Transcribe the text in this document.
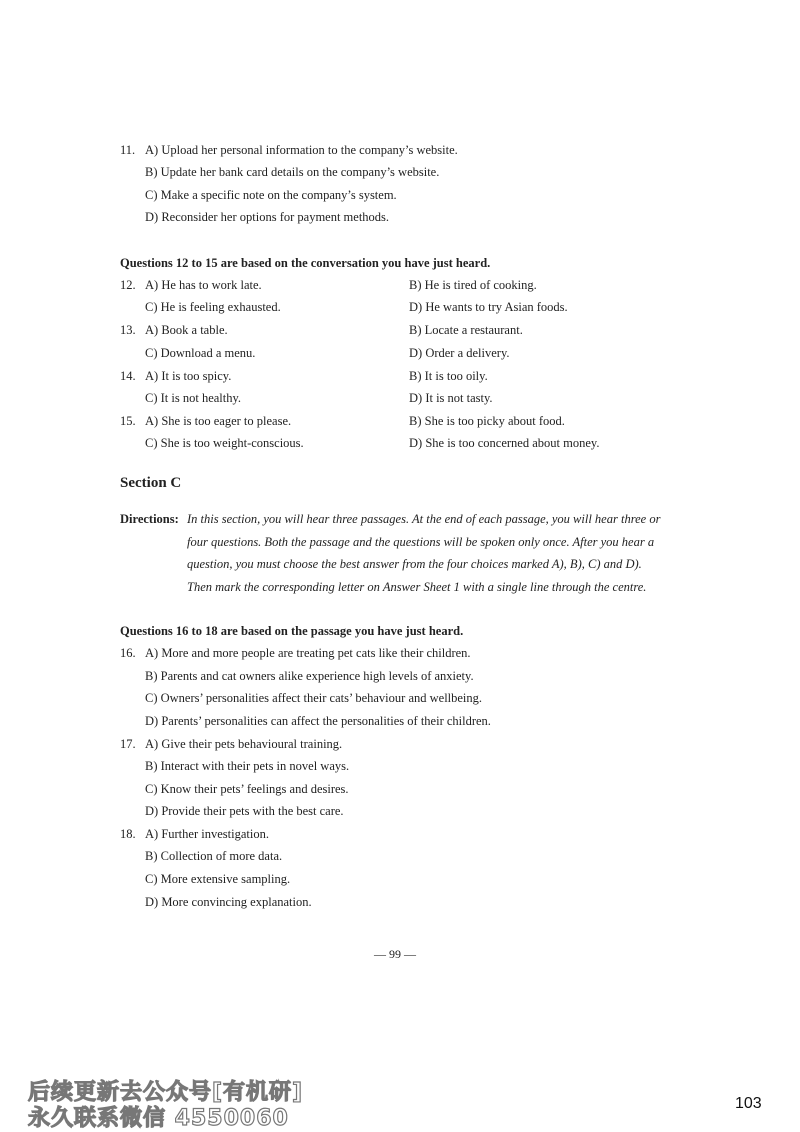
11. A) Upload her personal information to the company’s website.
B) Update her bank card details on the company’s website.
C) Make a specific note on the company’s system.
D) Reconsider her options for payment methods.
Questions 12 to 15 are based on the conversation you have just heard.
12. A) He has to work late.	B) He is tired of cooking.
C) He is feeling exhausted.	D) He wants to try Asian foods.
13. A) Book a table.	B) Locate a restaurant.
C) Download a menu.	D) Order a delivery.
14. A) It is too spicy.	B) It is too oily.
C) It is not healthy.	D) It is not tasty.
15. A) She is too eager to please.	B) She is too picky about food.
C) She is too weight-conscious.	D) She is too concerned about money.
Section C
Directions: In this section, you will hear three passages. At the end of each passage, you will hear three or
four questions. Both the passage and the questions will be spoken only once. After you hear a
question, you must choose the best answer from the four choices marked A), B), C) and D).
Then mark the corresponding letter on Answer Sheet 1 with a single line through the centre.
Questions 16 to 18 are based on the passage you have just heard.
16. A) More and more people are treating pet cats like their children.
B) Parents and cat owners alike experience high levels of anxiety.
C) Owners’ personalities affect their cats’ behaviour and wellbeing.
D) Parents’ personalities can affect the personalities of their children.
17. A) Give their pets behavioural training.
B) Interact with their pets in novel ways.
C) Know their pets’ feelings and desires.
D) Provide their pets with the best care.
18. A) Further investigation.
B) Collection of more data.
C) More extensive sampling.
D) More convincing explanation.
— 99 —
后续更新去公众号[有机研]
永久联系微信 4550060
103
